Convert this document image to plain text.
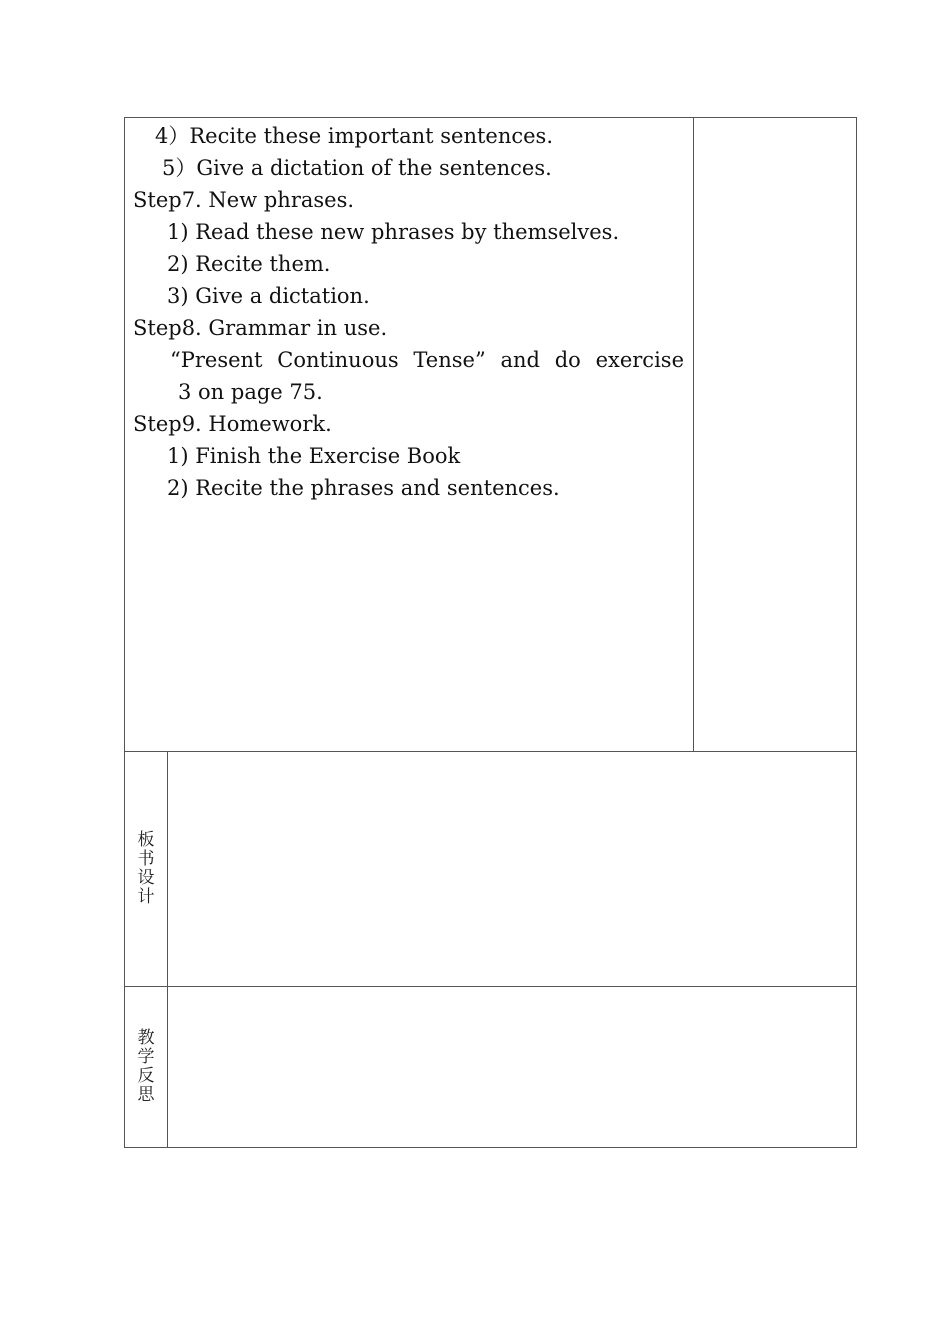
4）Recite these important sentences.
5）Give a dictation of the sentences.
Step7. New phrases.
1) Read these new phrases by themselves.
2) Recite them.
3) Give a dictation.
Step8. Grammar in use.
“Present Continuous Tense” and do exercise
3 on page 75.
Step9. Homework.
1) Finish the Exercise Book
2) Recite the phrases and sentences.
板书设计
教学反思
